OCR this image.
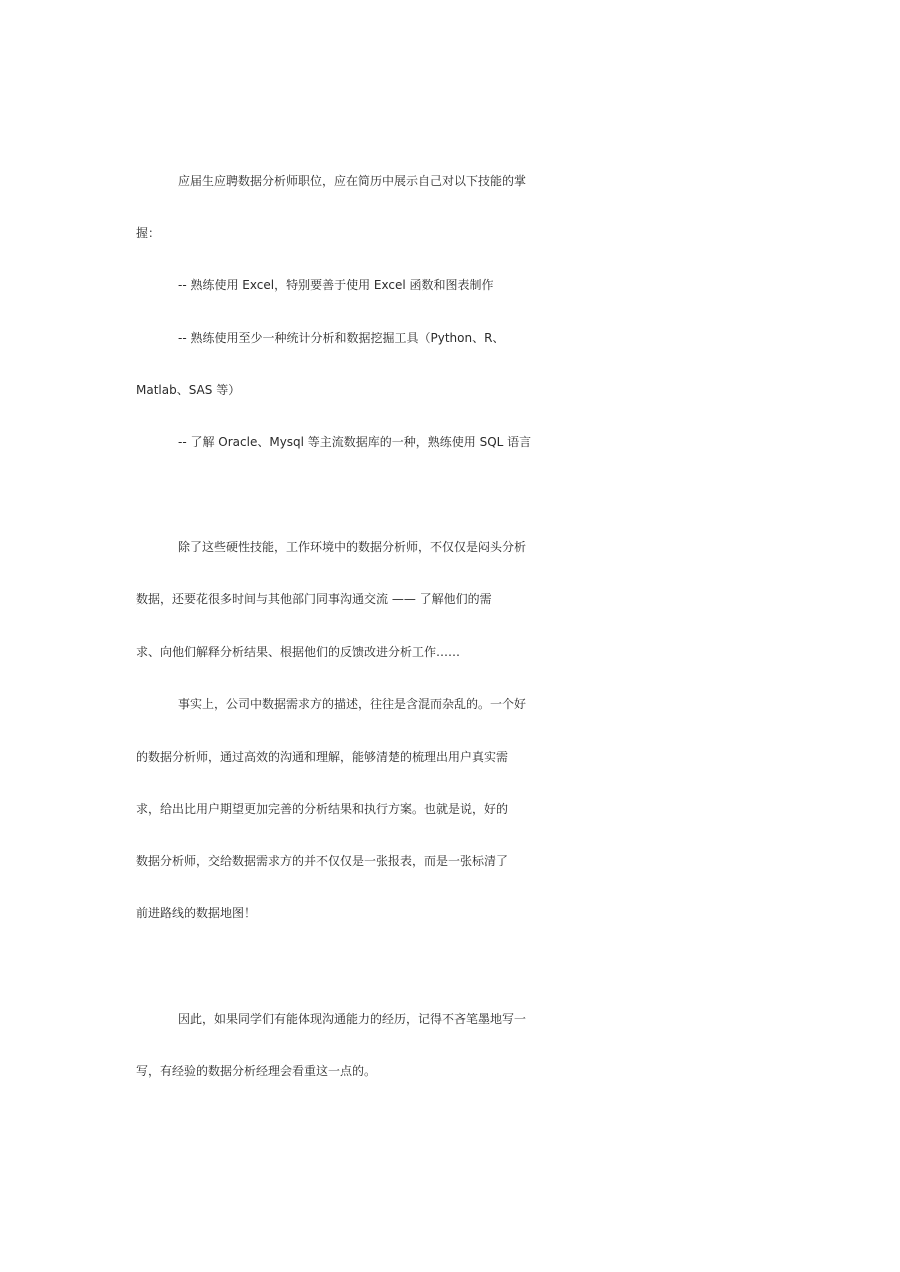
应届生应聘数据分析师职位，应在简历中展示自己对以下技能的掌
握：
-- 熟练使用 Excel，特别要善于使用 Excel 函数和图表制作
-- 熟练使用至少一种统计分析和数据挖掘工具（Python、R、
Matlab、SAS 等）
-- 了解 Oracle、Mysql 等主流数据库的一种，熟练使用 SQL 语言
除了这些硬性技能，工作环境中的数据分析师，不仅仅是闷头分析
数据，还要花很多时间与其他部门同事沟通交流 —— 了解他们的需
求、向他们解释分析结果、根据他们的反馈改进分析工作……
事实上，公司中数据需求方的描述，往往是含混而杂乱的。一个好
的数据分析师，通过高效的沟通和理解，能够清楚的梳理出用户真实需
求，给出比用户期望更加完善的分析结果和执行方案。也就是说，好的
数据分析师，交给数据需求方的并不仅仅是一张报表，而是一张标清了
前进路线的数据地图！
因此，如果同学们有能体现沟通能力的经历，记得不吝笔墨地写一
写，有经验的数据分析经理会看重这一点的。
